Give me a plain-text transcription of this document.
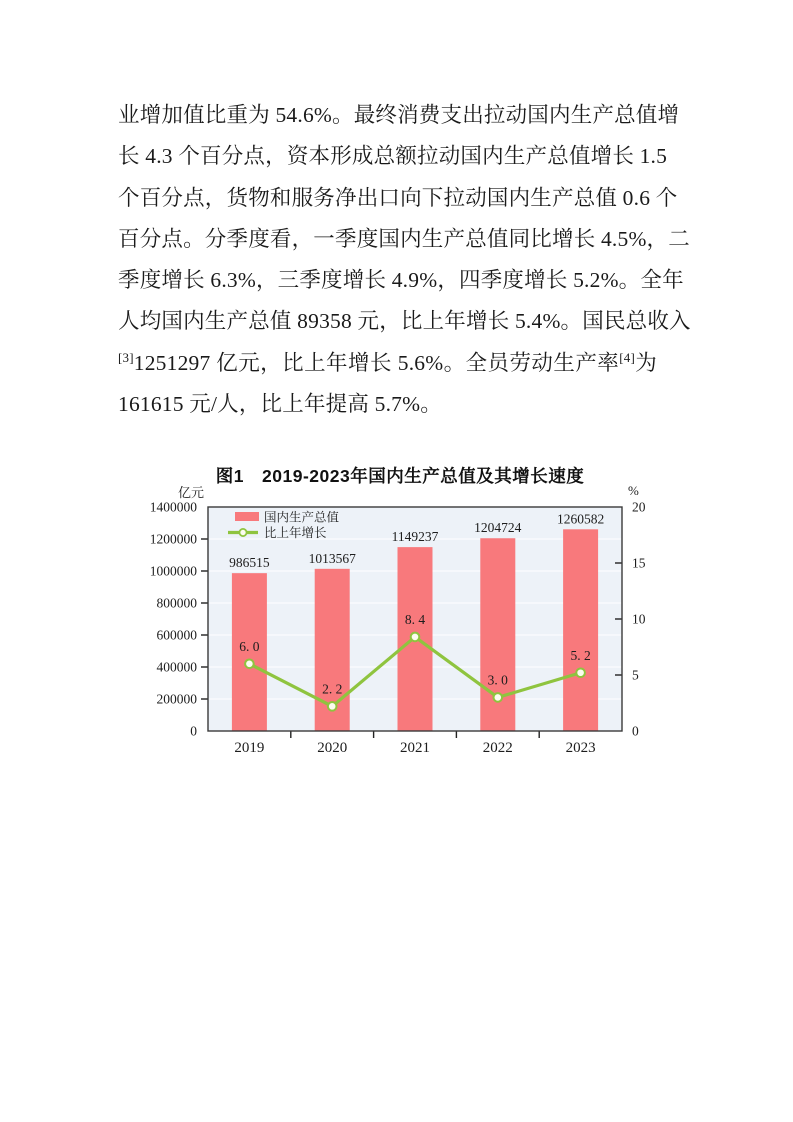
业增加值比重为 54.6%。最终消费支出拉动国内生产总值增
长 4.3 个百分点，资本形成总额拉动国内生产总值增长 1.5
个百分点，货物和服务净出口向下拉动国内生产总值 0.6 个
百分点。分季度看，一季度国内生产总值同比增长 4.5%，二
季度增长 6.3%，三季度增长 4.9%，四季度增长 5.2%。全年
人均国内生产总值 89358 元，比上年增长 5.4%。国民总收入
[3]1251297 亿元，比上年增长 5.6%。全员劳动生产率[4]为
161615 元/人，比上年提高 5.7%。
图1　2019-2023年国内生产总值及其增长速度
亿元	%
986515	1013567
1149237
1204724
1260582
6. 0
2. 2
8. 4
3. 0
5. 2
1400000
1200000
1000000
800000
600000
400000
200000
0
20
15
10
5
0
2019	2020	2021	2022	2023
国内生产总值
比上年增长
